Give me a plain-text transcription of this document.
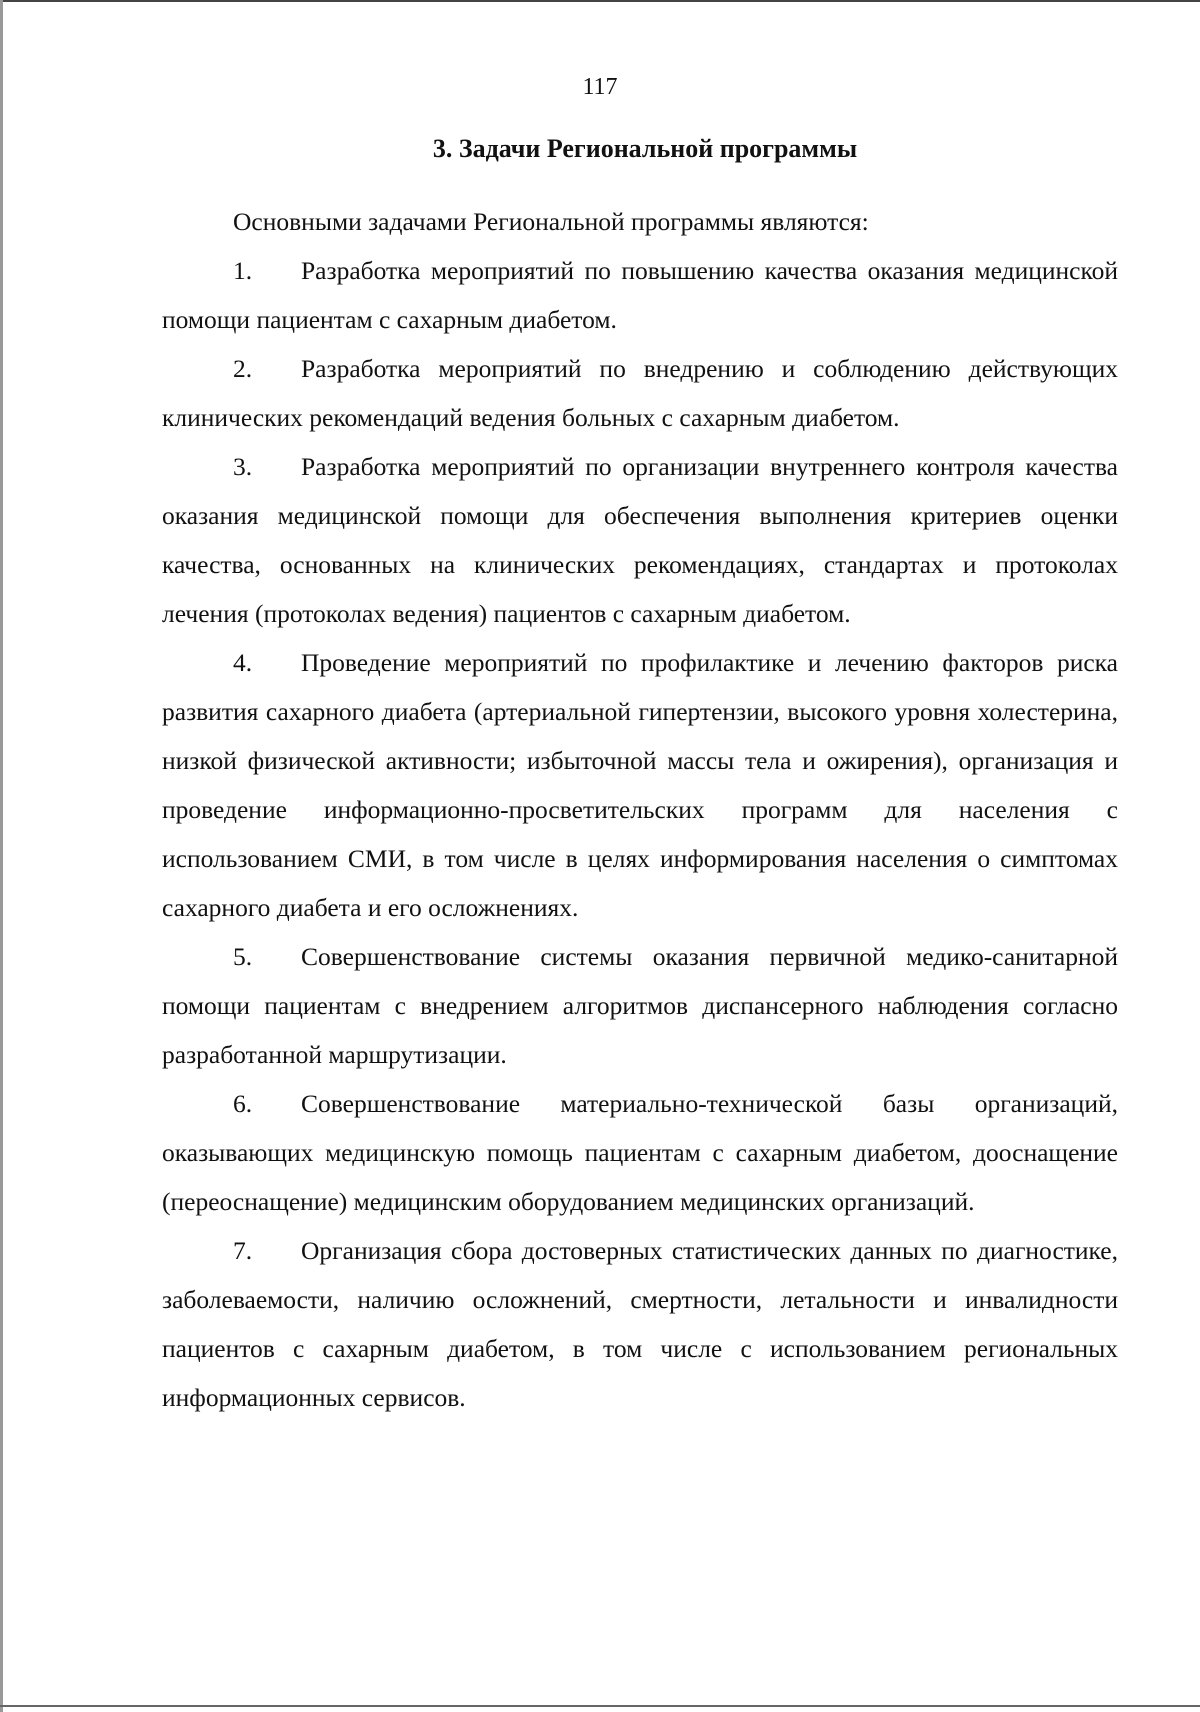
117
3. Задачи Региональной программы

Основными задачами Региональной программы являются:

1. Разработка мероприятий по повышению качества оказания медицинской помощи пациентам с сахарным диабетом.

2. Разработка мероприятий по внедрению и соблюдению действующих клинических рекомендаций ведения больных с сахарным диабетом.

3. Разработка мероприятий по организации внутреннего контроля качества оказания медицинской помощи для обеспечения выполнения критериев оценки качества, основанных на клинических рекомендациях, стандартах и протоколах лечения (протоколах ведения) пациентов с сахарным диабетом.

4. Проведение мероприятий по профилактике и лечению факторов риска развития сахарного диабета (артериальной гипертензии, высокого уровня холестерина, низкой физической активности; избыточной массы тела и ожирения), организация и проведение информационно-просветительских программ для населения с использованием СМИ, в том числе в целях информирования населения о симптомах сахарного диабета и его осложнениях.

5. Совершенствование системы оказания первичной медико-санитарной помощи пациентам с внедрением алгоритмов диспансерного наблюдения согласно разработанной маршрутизации.

6. Совершенствование материально-технической базы организаций, оказывающих медицинскую помощь пациентам с сахарным диабетом, дооснащение (переоснащение) медицинским оборудованием медицинских организаций.

7. Организация сбора достоверных статистических данных по диагностике, заболеваемости, наличию осложнений, смертности, летальности и инвалидности пациентов с сахарным диабетом, в том числе с использованием региональных информационных сервисов.
